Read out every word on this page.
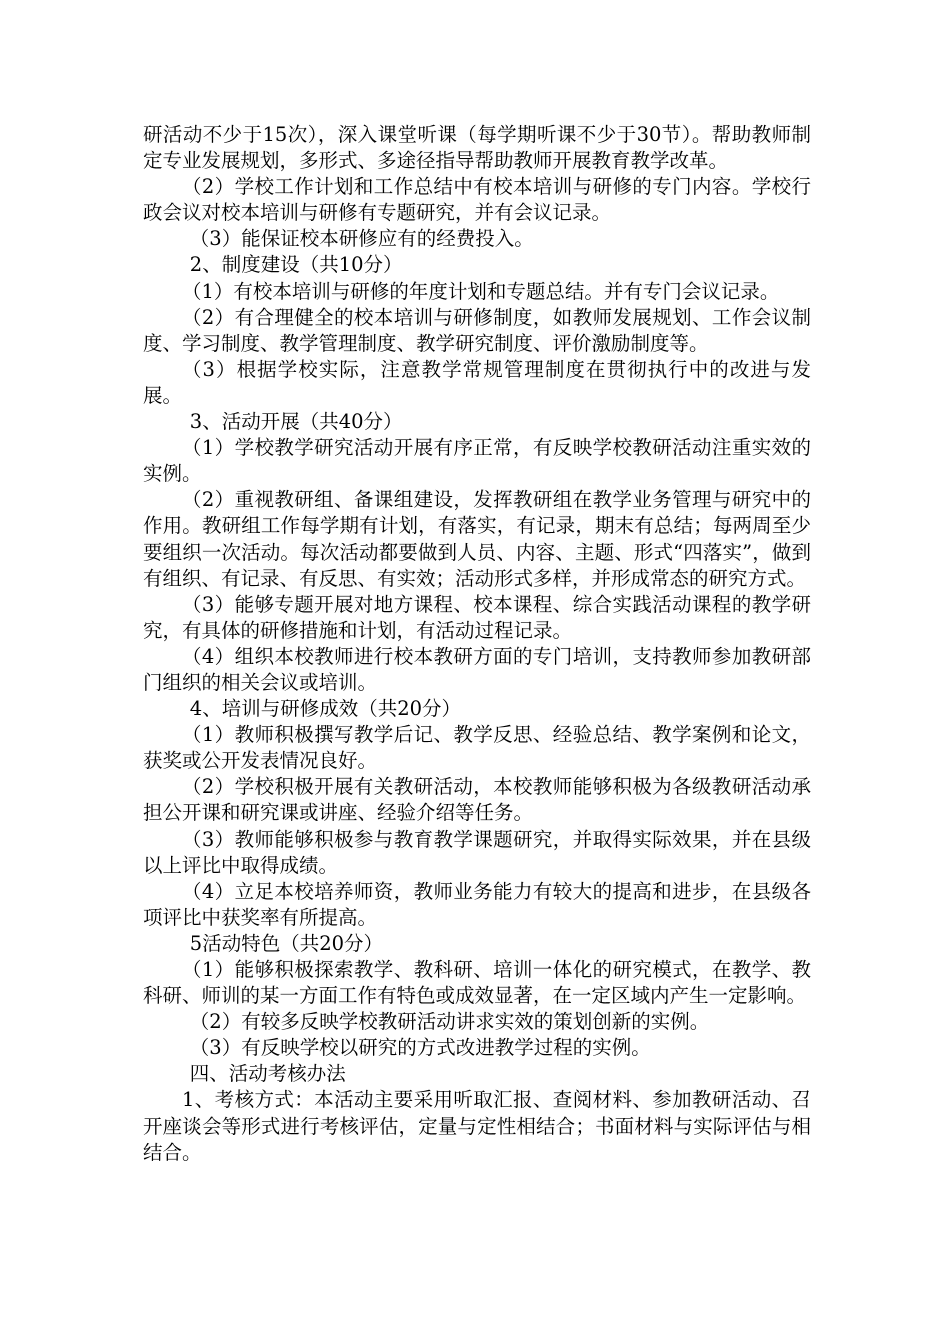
研活动不少于15次），深入课堂听课（每学期听课不少于30节）。帮助教师制定专业发展规划，多形式、多途径指导帮助教师开展教育教学改革。

（2）学校工作计划和工作总结中有校本培训与研修的专门内容。学校行政会议对校本培训与研修有专题研究，并有会议记录。

（3）能保证校本研修应有的经费投入。

2、制度建设（共10分）

（1）有校本培训与研修的年度计划和专题总结。并有专门会议记录。

（2）有合理健全的校本培训与研修制度，如教师发展规划、工作会议制度、学习制度、教学管理制度、教学研究制度、评价激励制度等。

（3）根据学校实际，注意教学常规管理制度在贯彻执行中的改进与发展。

3、活动开展（共40分）

（1）学校教学研究活动开展有序正常，有反映学校教研活动注重实效的实例。

（2）重视教研组、备课组建设，发挥教研组在教学业务管理与研究中的作用。教研组工作每学期有计划，有落实，有记录，期末有总结；每两周至少要组织一次活动。每次活动都要做到人员、内容、主题、形式“四落实”，做到有组织、有记录、有反思、有实效；活动形式多样，并形成常态的研究方式。

（3）能够专题开展对地方课程、校本课程、综合实践活动课程的教学研究，有具体的研修措施和计划，有活动过程记录。

（4）组织本校教师进行校本教研方面的专门培训，支持教师参加教研部门组织的相关会议或培训。

4、培训与研修成效（共20分）

（1）教师积极撰写教学后记、教学反思、经验总结、教学案例和论文，获奖或公开发表情况良好。

（2）学校积极开展有关教研活动，本校教师能够积极为各级教研活动承担公开课和研究课或讲座、经验介绍等任务。

（3）教师能够积极参与教育教学课题研究，并取得实际效果，并在县级以上评比中取得成绩。

（4）立足本校培养师资，教师业务能力有较大的提高和进步，在县级各项评比中获奖率有所提高。

5活动特色（共20分）

（1）能够积极探索教学、教科研、培训一体化的研究模式，在教学、教科研、师训的某一方面工作有特色或成效显著，在一定区域内产生一定影响。

（2）有较多反映学校教研活动讲求实效的策划创新的实例。

（3）有反映学校以研究的方式改进教学过程的实例。

四、活动考核办法

1、考核方式：本活动主要采用听取汇报、查阅材料、参加教研活动、召开座谈会等形式进行考核评估，定量与定性相结合；书面材料与实际评估与相结合。
